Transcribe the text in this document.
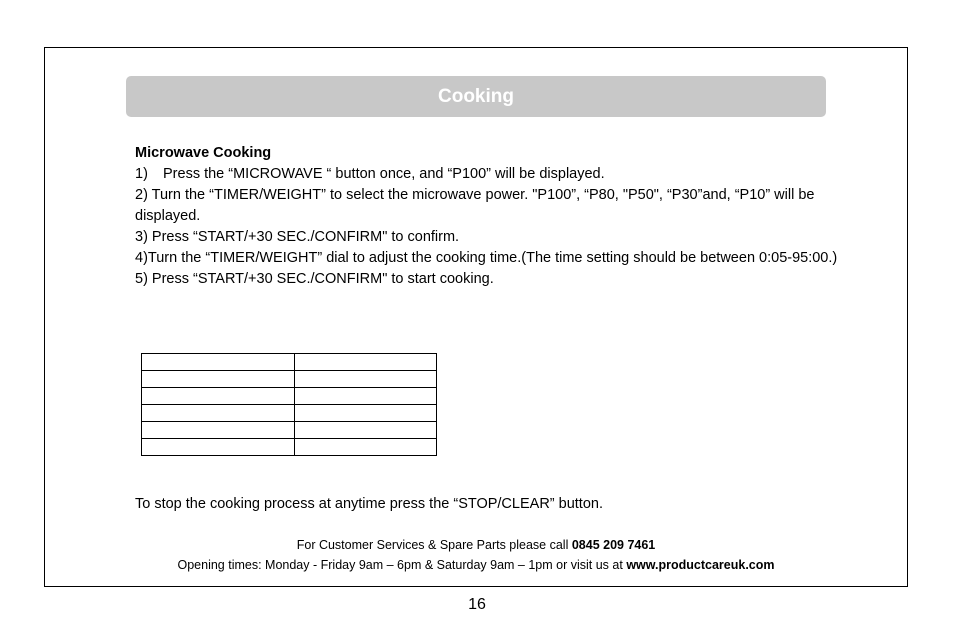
Cooking

Microwave Cooking

1) Press the “MICROWAVE “ button once, and “P100” will be displayed.

2) Turn the “TIMER/WEIGHT” to select the microwave power. "P100”, “P80, "P50", “P30”and, “P10” will be displayed.

3) Press “START/+30 SEC./CONFIRM" to confirm.

4)Turn the “TIMER/WEIGHT” dial to adjust the cooking time.(The time setting should be between 0:05-95:00.)

5) Press “START/+30 SEC./CONFIRM" to start cooking.

To stop the cooking process at anytime press the “STOP/CLEAR” button.
For Customer Services & Spare Parts please call 0845 209 7461
Opening times: Monday - Friday 9am – 6pm & Saturday 9am – 1pm or visit us at www.productcareuk.com
16
